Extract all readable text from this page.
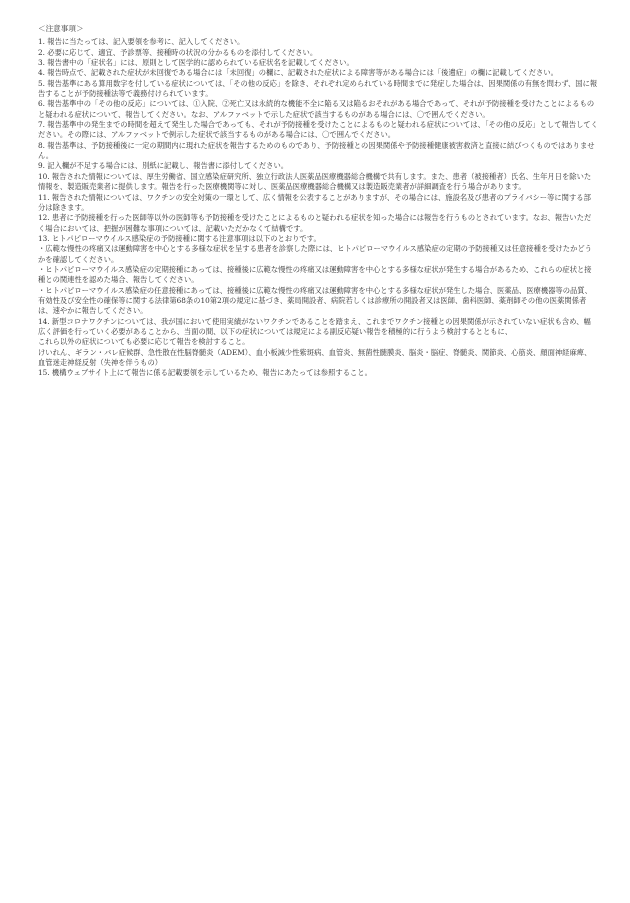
＜注意事項＞

1. 報告に当たっては、記入要領を参考に、記入してください。

2. 必要に応じて、適宜、予診票等、接種時の状況の分かるものを添付してください。

3. 報告書中の「症状名」には、原則として医学的に認められている症状名を記載してください。

4. 報告時点で、記載された症状が未回復である場合には「未回復」の欄に、記載された症状による障害等がある場合には「後遺症」の欄に記載してください。

5. 報告基準にある算用数字を付している症状については、「その他の反応」を除き、それぞれ定められている時間までに発症した場合は、因果関係の有無を問わず、国に報告することが予防接種法等で義務付けられています。

6. 報告基準中の「その他の反応」については、①入院、②死亡又は永続的な機能不全に陥る又は陥るおそれがある場合であって、それが予防接種を受けたことによるものと疑われる症状について、報告してください。なお、アルファベットで示した症状で該当するものがある場合には、〇で囲んでください。

7. 報告基準中の発生までの時間を超えて発生した場合であっても、それが予防接種を受けたことによるものと疑われる症状については、「その他の反応」として報告してください。その際には、アルファベットで例示した症状で該当するものがある場合には、〇で囲んでください。

8. 報告基準は、予防接種後に一定の期間内に現れた症状を報告するためのものであり、予防接種との因果関係や予防接種健康被害救済と直接に結びつくものではありません。

9. 記入欄が不足する場合には、別紙に記載し、報告書に添付してください。

10. 報告された情報については、厚生労働省、国立感染症研究所、独立行政法人医薬品医療機器総合機構で共有します。また、患者（被接種者）氏名、生年月日を除いた情報を、製造販売業者に提供します。報告を行った医療機関等に対し、医薬品医療機器総合機構又は製造販売業者が詳細調査を行う場合があります。

11. 報告された情報については、ワクチンの安全対策の一環として、広く情報を公表することがありますが、その場合には、施設名及び患者のプライバシー等に関する部分は除きます。

12. 患者に予防接種を行った医師等以外の医師等も予防接種を受けたことによるものと疑われる症状を知った場合には報告を行うものとされています。なお、報告いただく場合においては、把握が困難な事項については、記載いただかなくて結構です。

13. ヒトパピローマウイルス感染症の予防接種に関する注意事項は以下のとおりです。

・広範な慢性の疼痛又は運動障害を中心とする多様な症状を呈する患者を診察した際には、ヒトパピローマウイルス感染症の定期の予防接種又は任意接種を受けたかどうかを確認してください。

・ヒトパピローマウイルス感染症の定期接種にあっては、接種後に広範な慢性の疼痛又は運動障害を中心とする多様な症状が発生する場合があるため、これらの症状と接種との関連性を認めた場合、報告してください。

・ヒトパピローマウイルス感染症の任意接種にあっては、接種後に広範な慢性の疼痛又は運動障害を中心とする多様な症状が発生した場合、医薬品、医療機器等の品質、有効性及び安全性の確保等に関する法律第68条の10第2項の規定に基づき、薬局開設者、病院若しくは診療所の開設者又は医師、歯科医師、薬剤師その他の医薬関係者は、速やかに報告してください。

14. 新型コロナワクチンについては、我が国において使用実績がないワクチンであることを踏まえ、これまでワクチン接種との因果関係が示されていない症状も含め、幅広く評価を行っていく必要があることから、当面の間、以下の症状については規定による副反応疑い報告を積極的に行うよう検討するとともに、

これら以外の症状についても必要に応じて報告を検討すること。

けいれん、ギラン・バレ症候群、急性散在性脳脊髄炎（ADEM）、血小板減少性紫斑病、血管炎、無菌性髄膜炎、脳炎・脳症、脊髄炎、関節炎、心筋炎、顔面神経麻痺、血管迷走神経反射（失神を伴うもの）

15. 機構ウェブサイト上にて報告に係る記載要領を示しているため、報告にあたっては参照すること。
